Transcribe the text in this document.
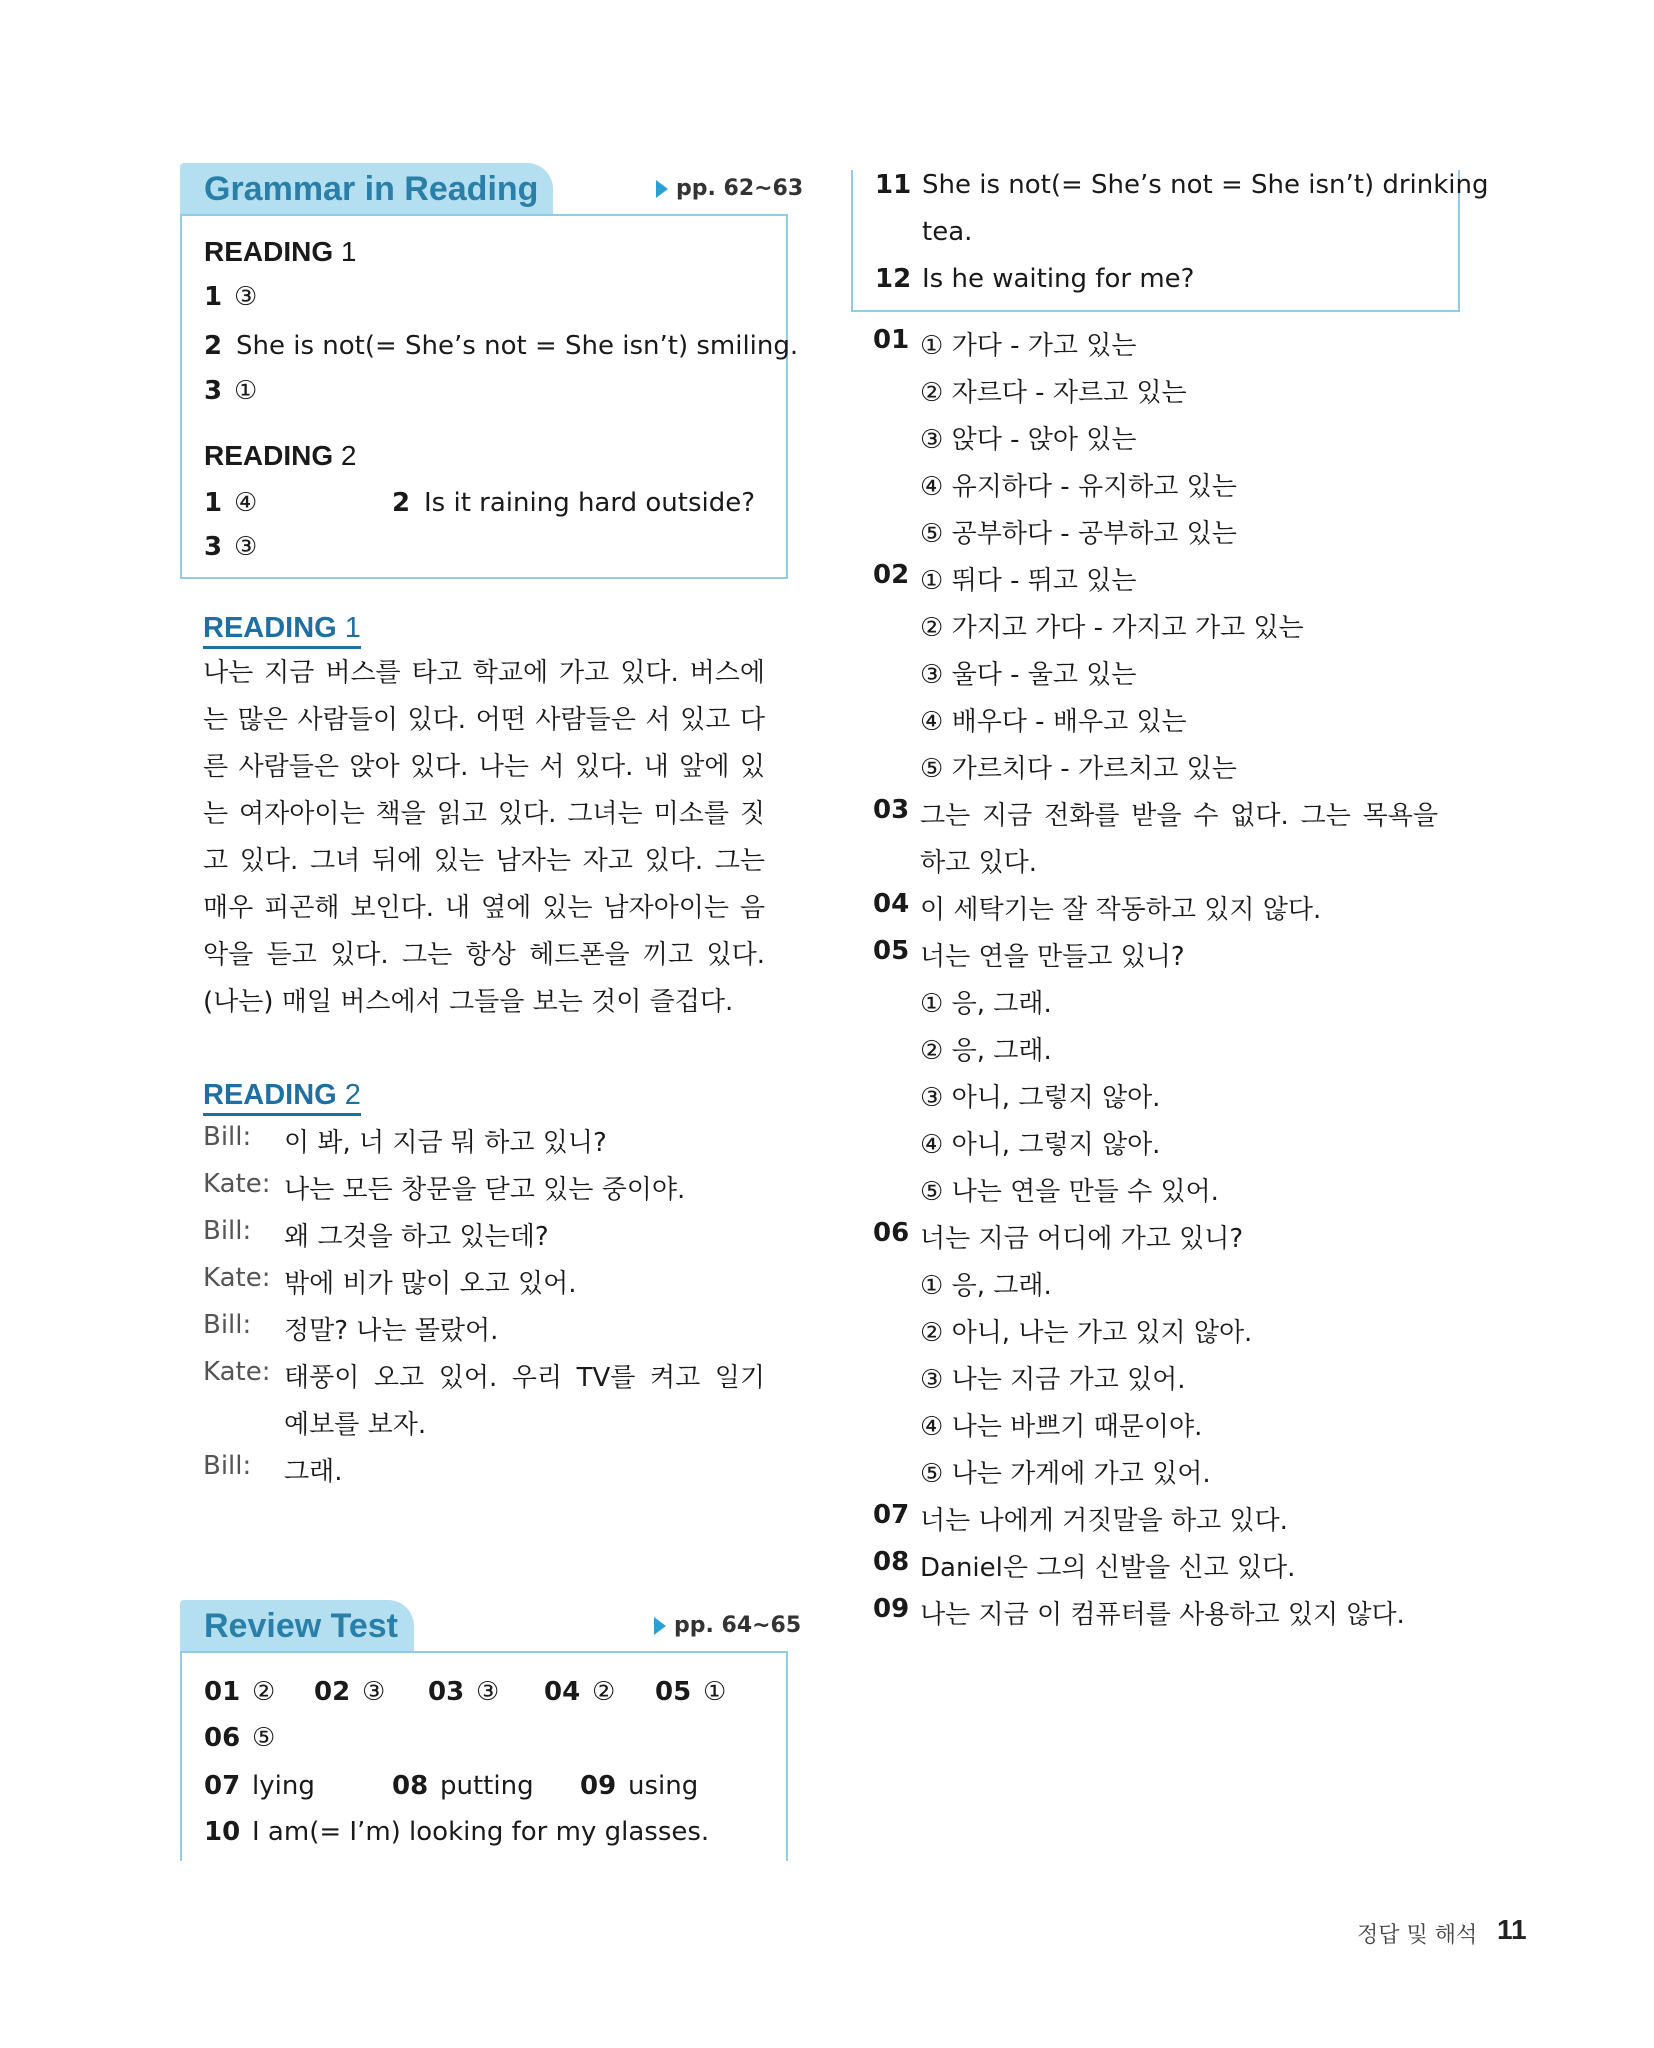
Grammar in Reading	pp. 62~63
READING 1
1 ③
2 She is not(= She’s not = She isn’t) smiling.
3 ①
READING 2
1 ④	2 Is it raining hard outside?
3 ③
READING 1
나는 지금 버스를 타고 학교에 가고 있다. 버스에
는 많은 사람들이 있다. 어떤 사람들은 서 있고 다
른 사람들은 앉아 있다. 나는 서 있다. 내 앞에 있
는 여자아이는 책을 읽고 있다. 그녀는 미소를 짓
고 있다. 그녀 뒤에 있는 남자는 자고 있다. 그는
매우 피곤해 보인다. 내 옆에 있는 남자아이는 음
악을 듣고 있다. 그는 항상 헤드폰을 끼고 있다.
(나는) 매일 버스에서 그들을 보는 것이 즐겁다.
READING 2
Bill: 이 봐, 너 지금 뭐 하고 있니?
Kate: 나는 모든 창문을 닫고 있는 중이야.
Bill: 왜 그것을 하고 있는데?
Kate: 밖에 비가 많이 오고 있어.
Bill: 정말? 나는 몰랐어.
Kate: 태풍이 오고 있어. 우리 TV를 켜고 일기
예보를 보자.
Bill: 그래.
Review Test	pp. 64~65
01 ② 02 ③ 03 ③ 04 ② 05 ①
06 ⑤
07 lying	08 putting 09 using
10 I am(= I’m) looking for my glasses.
11 She is not(= She’s not = She isn’t) drinking
tea.
12 Is he waiting for me?
01 ① 가다 - 가고 있는
② 자르다 - 자르고 있는
③ 앉다 - 앉아 있는
④ 유지하다 - 유지하고 있는
⑤ 공부하다 - 공부하고 있는
02 ① 뛰다 - 뛰고 있는
② 가지고 가다 - 가지고 가고 있는
③ 울다 - 울고 있는
④ 배우다 - 배우고 있는
⑤ 가르치다 - 가르치고 있는
03 그는 지금 전화를 받을 수 없다. 그는 목욕을
하고 있다.
04 이 세탁기는 잘 작동하고 있지 않다.
05 너는 연을 만들고 있니?
① 응, 그래.
② 응, 그래.
③ 아니, 그렇지 않아.
④ 아니, 그렇지 않아.
⑤ 나는 연을 만들 수 있어.
06 너는 지금 어디에 가고 있니?
① 응, 그래.
② 아니, 나는 가고 있지 않아.
③ 나는 지금 가고 있어.
④ 나는 바쁘기 때문이야.
⑤ 나는 가게에 가고 있어.
07 너는 나에게 거짓말을 하고 있다.
08 Daniel은 그의 신발을 신고 있다.
09 나는 지금 이 컴퓨터를 사용하고 있지 않다.
정답 및 해석 11
